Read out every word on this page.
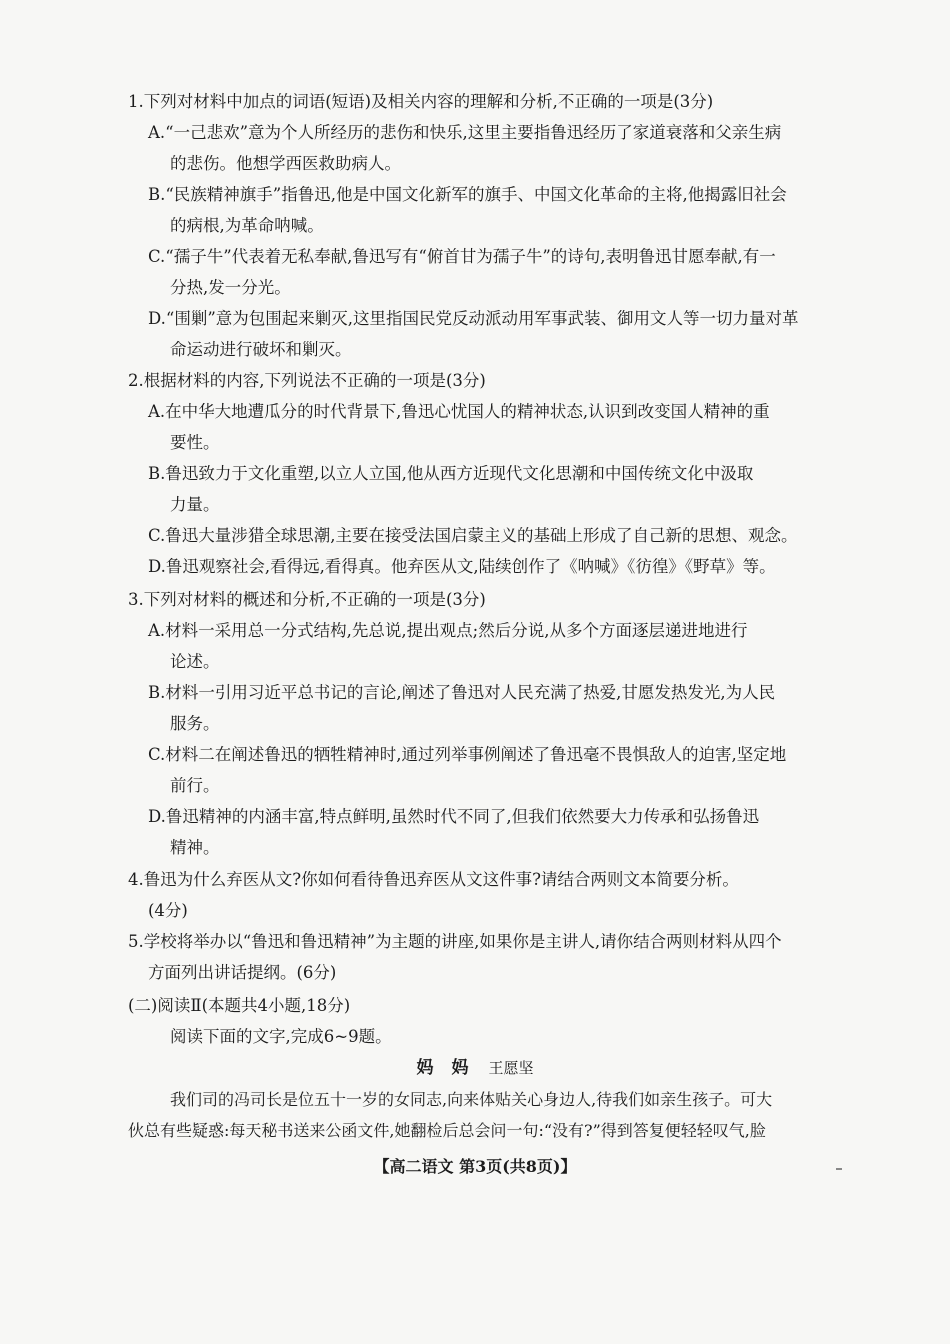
1.下列对材料中加点的词语(短语)及相关内容的理解和分析,不正确的一项是(3分)
A.“一己悲欢”意为个人所经历的悲伤和快乐,这里主要指鲁迅经历了家道衰落和父亲生病
的悲伤。他想学西医救助病人。
B.“民族精神旗手”指鲁迅,他是中国文化新军的旗手、中国文化革命的主将,他揭露旧社会
的病根,为革命呐喊。
C.“孺子牛”代表着无私奉献,鲁迅写有“俯首甘为孺子牛”的诗句,表明鲁迅甘愿奉献,有一
分热,发一分光。
D.“围剿”意为包围起来剿灭,这里指国民党反动派动用军事武装、御用文人等一切力量对革
命运动进行破坏和剿灭。
2.根据材料的内容,下列说法不正确的一项是(3分)
A.在中华大地遭瓜分的时代背景下,鲁迅心忧国人的精神状态,认识到改变国人精神的重
要性。
B.鲁迅致力于文化重塑,以立人立国,他从西方近现代文化思潮和中国传统文化中汲取
力量。
C.鲁迅大量涉猎全球思潮,主要在接受法国启蒙主义的基础上形成了自己新的思想、观念。
D.鲁迅观察社会,看得远,看得真。他弃医从文,陆续创作了《呐喊》《彷徨》《野草》等。
3.下列对材料的概述和分析,不正确的一项是(3分)
A.材料一采用总一分式结构,先总说,提出观点;然后分说,从多个方面逐层递进地进行
论述。
B.材料一引用习近平总书记的言论,阐述了鲁迅对人民充满了热爱,甘愿发热发光,为人民
服务。
C.材料二在阐述鲁迅的牺牲精神时,通过列举事例阐述了鲁迅毫不畏惧敌人的迫害,坚定地
前行。
D.鲁迅精神的内涵丰富,特点鲜明,虽然时代不同了,但我们依然要大力传承和弘扬鲁迅
精神。
4.鲁迅为什么弃医从文?你如何看待鲁迅弃医从文这件事?请结合两则文本简要分析。
(4分)
5.学校将举办以“鲁迅和鲁迅精神”为主题的讲座,如果你是主讲人,请你结合两则材料从四个
方面列出讲话提纲。(6分)
(二)阅读Ⅱ(本题共4小题,18分)
阅读下面的文字,完成6~9题。
妈妈 王愿坚
我们司的冯司长是位五十一岁的女同志,向来体贴关心身边人,待我们如亲生孩子。可大
伙总有些疑惑:每天秘书送来公函文件,她翻检后总会问一句:“没有?”得到答复便轻轻叹气,脸
【高二语文 第3页(共8页)】
